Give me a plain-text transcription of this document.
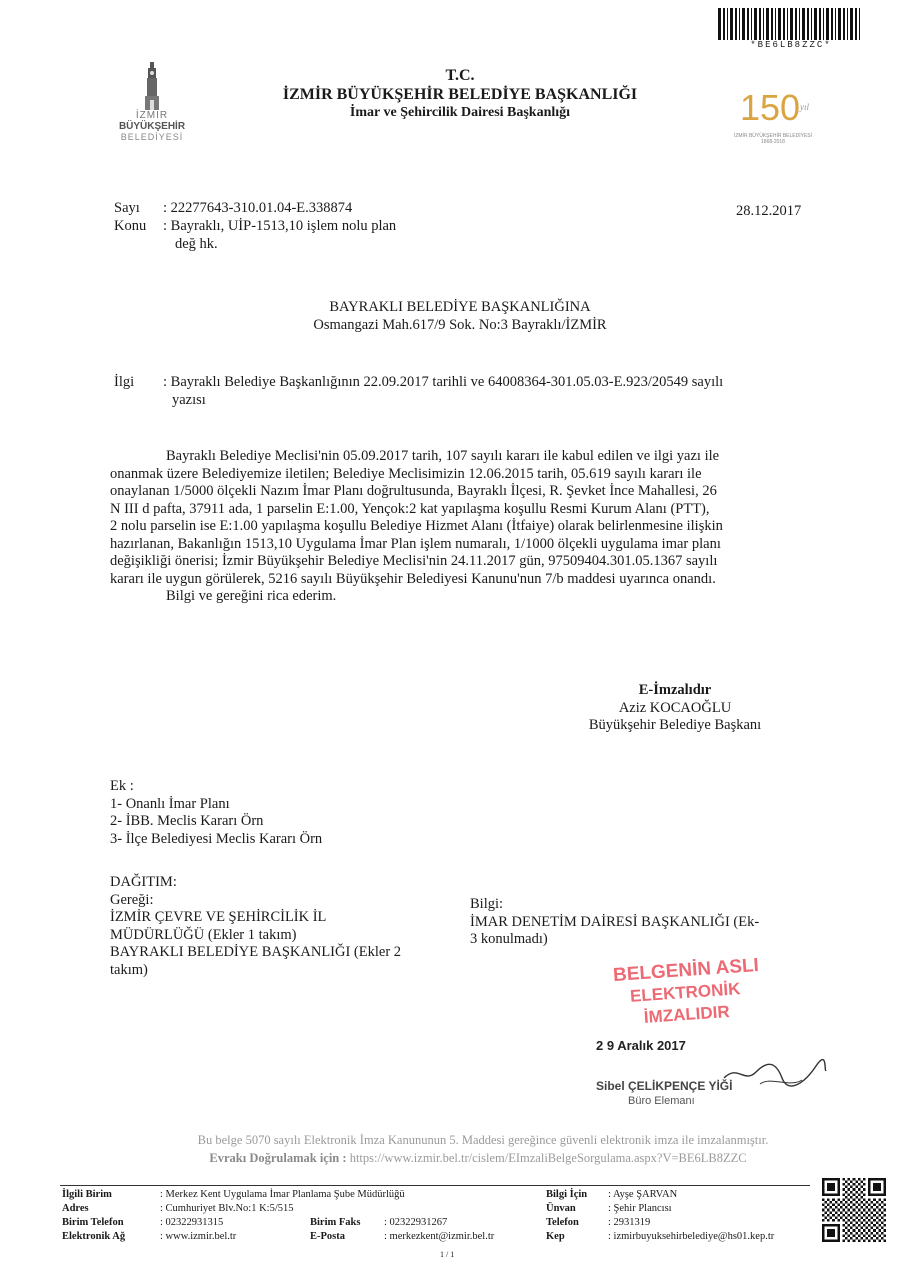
*BE6LB8ZZC*
İZMİR
BÜYÜKŞEHİR
BELEDİYESİ
T.C.
İZMİR BÜYÜKŞEHİR BELEDİYE BAŞKANLIĞI
İmar ve Şehircilik Dairesi Başkanlığı	150 yıl
İZMİR BÜYÜKŞEHİR BELEDİYESİ
1868-2018
Sayı : 22277643-310.01.04-E.338874
Konu : Bayraklı, UİP-1513,10 işlem nolu plan
değ hk.
28.12.2017
BAYRAKLI BELEDİYE BAŞKANLIĞINA
Osmangazi Mah.617/9 Sok. No:3 Bayraklı/İZMİR
İlgi : Bayraklı Belediye Başkanlığının 22.09.2017 tarihli ve 64008364-301.05.03-E.923/20549 sayılı
yazısı
Bayraklı Belediye Meclisi'nin 05.09.2017 tarih, 107 sayılı kararı ile kabul edilen ve ilgi yazı ile
onanmak üzere Belediyemize iletilen; Belediye Meclisimizin 12.06.2015 tarih, 05.619 sayılı kararı ile
onaylanan 1/5000 ölçekli Nazım İmar Planı doğrultusunda, Bayraklı İlçesi, R. Şevket İnce Mahallesi, 26
N III d pafta, 37911 ada, 1 parselin E:1.00, Yençok:2 kat yapılaşma koşullu Resmi Kurum Alanı (PTT),
2 nolu parselin ise E:1.00 yapılaşma koşullu Belediye Hizmet Alanı (İtfaiye) olarak belirlenmesine ilişkin
hazırlanan, Bakanlığın 1513,10 Uygulama İmar Plan işlem numaralı, 1/1000 ölçekli uygulama imar planı
değişikliği önerisi; İzmir Büyükşehir Belediye Meclisi'nin 24.11.2017 gün, 97509404.301.05.1367 sayılı
kararı ile uygun görülerek, 5216 sayılı Büyükşehir Belediyesi Kanunu'nun 7/b maddesi uyarınca onandı.
Bilgi ve gereğini rica ederim.
E-İmzalıdır
Aziz KOCAOĞLU
Büyükşehir Belediye Başkanı
Ek :
1- Onanlı İmar Planı
2- İBB. Meclis Kararı Örn
3- İlçe Belediyesi Meclis Kararı Örn
DAĞITIM:
Gereği:
İZMİR ÇEVRE VE ŞEHİRCİLİK İL
MÜDÜRLÜĞÜ (Ekler 1 takım)
BAYRAKLI BELEDİYE BAŞKANLIĞI (Ekler 2
takım)
Bilgi:
İMAR DENETİM DAİRESİ BAŞKANLIĞI (Ek-
3 konulmadı)
BELGENİN ASLI
ELEKTRONİK İMZALIDIR
2 9 Aralık 2017
Sibel ÇELİKPENÇE YİĞİ
Büro Elemanı
Bu belge 5070 sayılı Elektronik İmza Kanununun 5. Maddesi gereğince güvenli elektronik imza ile imzalanmıştır.
Evrakı Doğrulamak için : https://www.izmir.bel.tr/cislem/EImzaliBelgeSorgulama.aspx?V=BE6LB8ZZC
İlgili Birim
Adres
Birim Telefon
Elektronik Ağ
: Merkez Kent Uygulama İmar Planlama Şube Müdürlüğü
: Cumhuriyet Blv.No:1 K:5/515
: 02322931315
: www.izmir.bel.tr
Birim Faks
E-Posta
: 02322931267
: merkezkent@izmir.bel.tr
Bilgi İçin
Ünvan
Telefon
Kep
: Ayşe ŞARVAN
: Şehir Plancısı
: 2931319
: izmirbuyuksehirbelediye@hs01.kep.tr
1 / 1
